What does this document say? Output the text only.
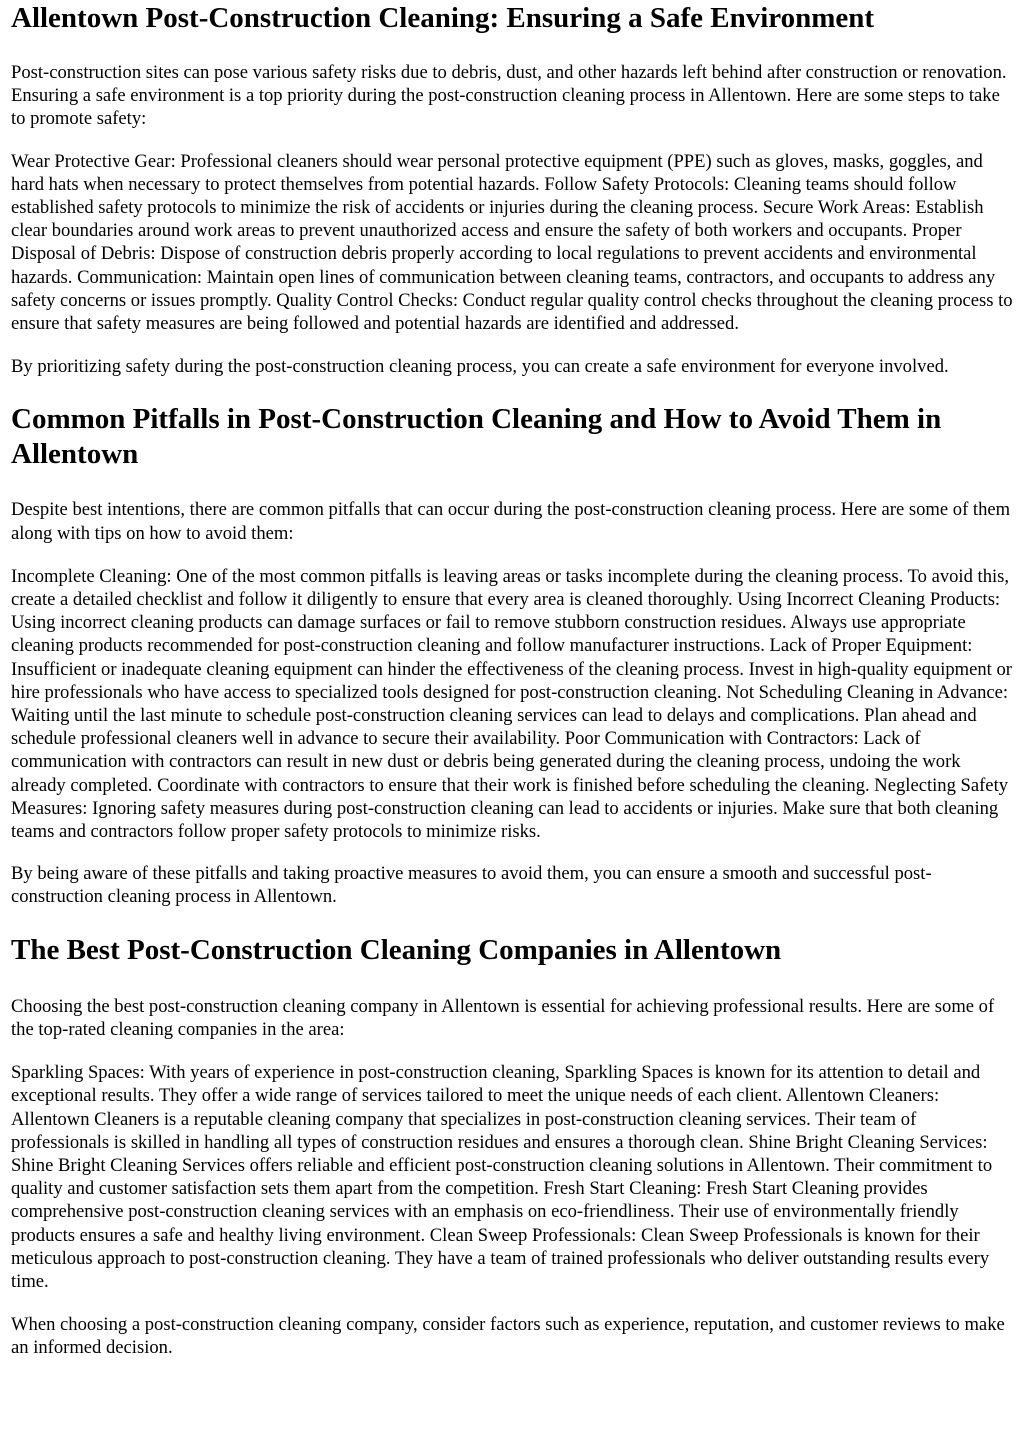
Allentown Post-Construction Cleaning: Ensuring a Safe Environment

Post-construction sites can pose various safety risks due to debris, dust, and other hazards left behind after construction or renovation. Ensuring a safe environment is a top priority during the post-construction cleaning process in Allentown. Here are some steps to take to promote safety:

Wear Protective Gear: Professional cleaners should wear personal protective equipment (PPE) such as gloves, masks, goggles, and hard hats when necessary to protect themselves from potential hazards. Follow Safety Protocols: Cleaning teams should follow established safety protocols to minimize the risk of accidents or injuries during the cleaning process. Secure Work Areas: Establish clear boundaries around work areas to prevent unauthorized access and ensure the safety of both workers and occupants. Proper Disposal of Debris: Dispose of construction debris properly according to local regulations to prevent accidents and environmental hazards. Communication: Maintain open lines of communication between cleaning teams, contractors, and occupants to address any safety concerns or issues promptly. Quality Control Checks: Conduct regular quality control checks throughout the cleaning process to ensure that safety measures are being followed and potential hazards are identified and addressed.

By prioritizing safety during the post-construction cleaning process, you can create a safe environment for everyone involved.

Common Pitfalls in Post-Construction Cleaning and How to Avoid Them in Allentown

Despite best intentions, there are common pitfalls that can occur during the post-construction cleaning process. Here are some of them along with tips on how to avoid them:

Incomplete Cleaning: One of the most common pitfalls is leaving areas or tasks incomplete during the cleaning process. To avoid this, create a detailed checklist and follow it diligently to ensure that every area is cleaned thoroughly. Using Incorrect Cleaning Products: Using incorrect cleaning products can damage surfaces or fail to remove stubborn construction residues. Always use appropriate cleaning products recommended for post-construction cleaning and follow manufacturer instructions. Lack of Proper Equipment: Insufficient or inadequate cleaning equipment can hinder the effectiveness of the cleaning process. Invest in high-quality equipment or hire professionals who have access to specialized tools designed for post-construction cleaning. Not Scheduling Cleaning in Advance: Waiting until the last minute to schedule post-construction cleaning services can lead to delays and complications. Plan ahead and schedule professional cleaners well in advance to secure their availability. Poor Communication with Contractors: Lack of communication with contractors can result in new dust or debris being generated during the cleaning process, undoing the work already completed. Coordinate with contractors to ensure that their work is finished before scheduling the cleaning. Neglecting Safety Measures: Ignoring safety measures during post-construction cleaning can lead to accidents or injuries. Make sure that both cleaning teams and contractors follow proper safety protocols to minimize risks.

By being aware of these pitfalls and taking proactive measures to avoid them, you can ensure a smooth and successful post-construction cleaning process in Allentown.

The Best Post-Construction Cleaning Companies in Allentown

Choosing the best post-construction cleaning company in Allentown is essential for achieving professional results. Here are some of the top-rated cleaning companies in the area:

Sparkling Spaces: With years of experience in post-construction cleaning, Sparkling Spaces is known for its attention to detail and exceptional results. They offer a wide range of services tailored to meet the unique needs of each client. Allentown Cleaners: Allentown Cleaners is a reputable cleaning company that specializes in post-construction cleaning services. Their team of professionals is skilled in handling all types of construction residues and ensures a thorough clean. Shine Bright Cleaning Services: Shine Bright Cleaning Services offers reliable and efficient post-construction cleaning solutions in Allentown. Their commitment to quality and customer satisfaction sets them apart from the competition. Fresh Start Cleaning: Fresh Start Cleaning provides comprehensive post-construction cleaning services with an emphasis on eco-friendliness. Their use of environmentally friendly products ensures a safe and healthy living environment. Clean Sweep Professionals: Clean Sweep Professionals is known for their meticulous approach to post-construction cleaning. They have a team of trained professionals who deliver outstanding results every time.

When choosing a post-construction cleaning company, consider factors such as experience, reputation, and customer reviews to make an informed decision.
